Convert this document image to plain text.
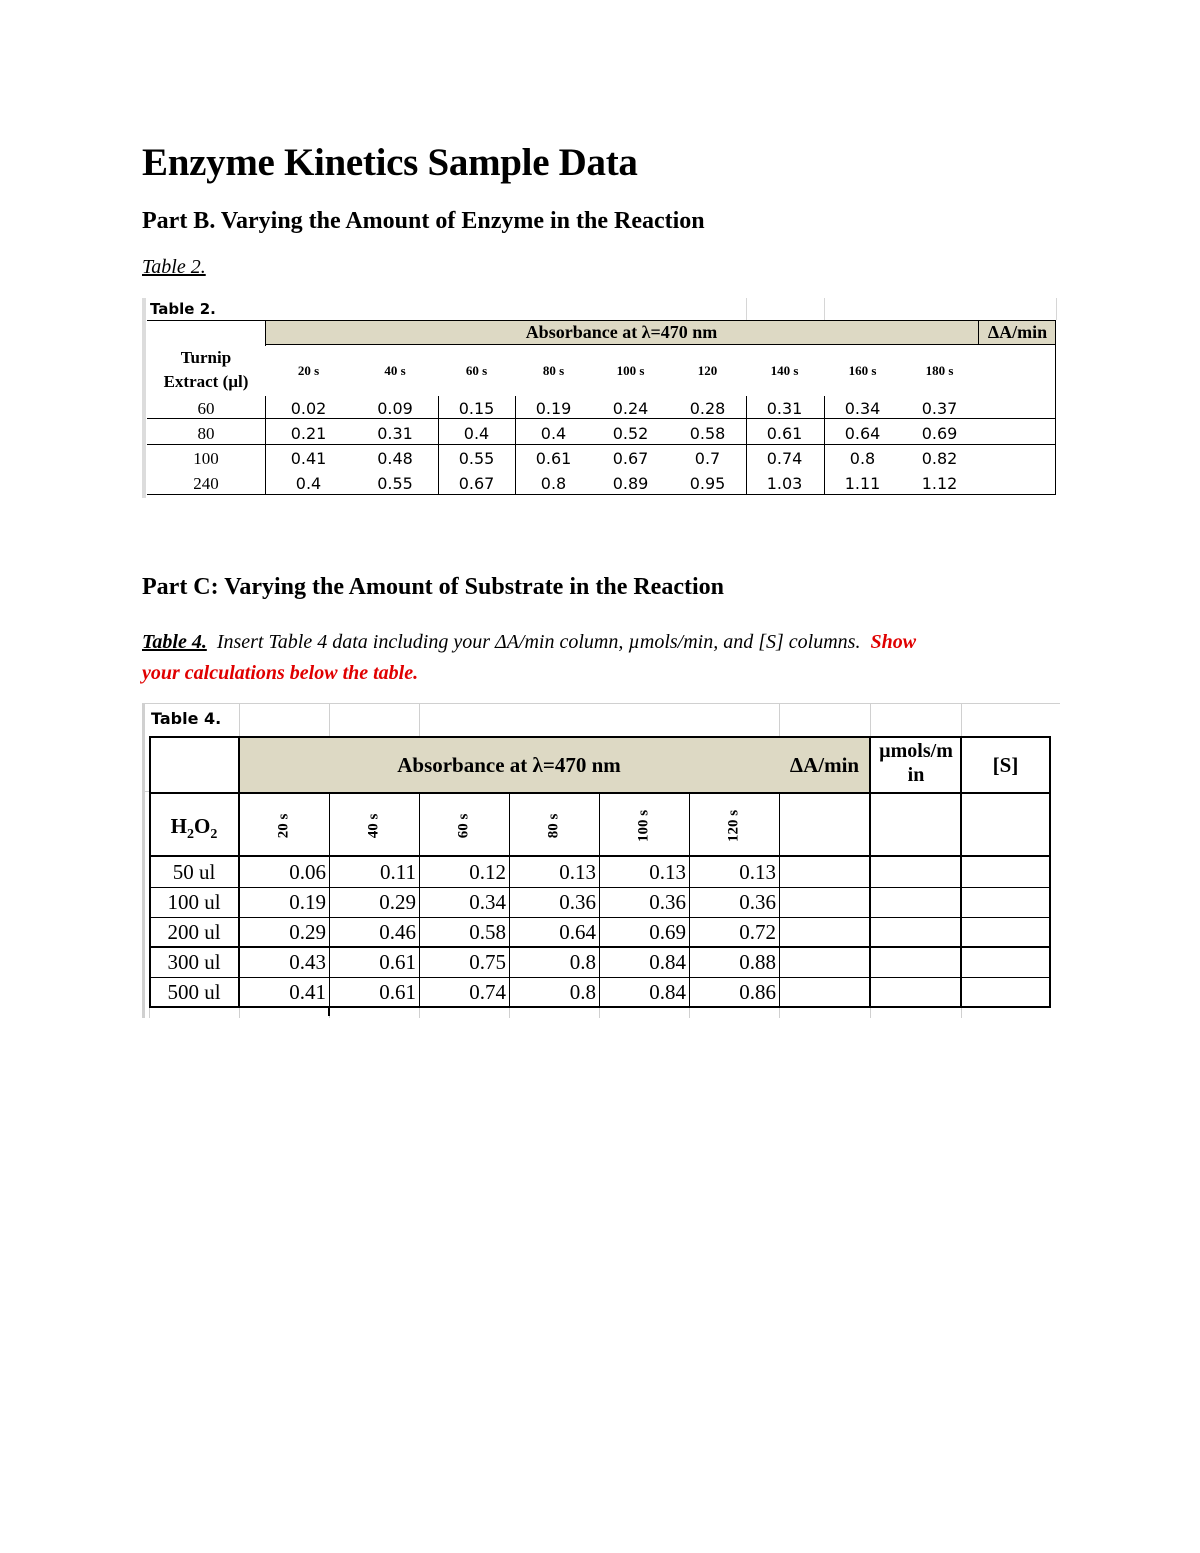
Enzyme Kinetics Sample Data
Part B. Varying the Amount of Enzyme in the Reaction
Table 2.
Table 2.
Absorbance at λ=470 nm	ΔA/min
Turnip
Extract (µl)
20 s	40 s	60 s	80 s	100 s	120	140 s	160 s	180 s
60	0.02	0.09	0.15	0.19	0.24	0.28	0.31	0.34	0.37
80	0.21	0.31	0.4	0.4	0.52	0.58	0.61	0.64	0.69
100	0.41	0.48	0.55	0.61	0.67	0.7	0.74	0.8	0.82
240	0.4	0.55	0.67	0.8	0.89	0.95	1.03	1.11	1.12
Part C: Varying the Amount of Substrate in the Reaction
Table 4.  Insert Table 4 data including your ΔA/min column, µmols/min, and [S] columns.  Show
your calculations below the table.
Table 4.
Absorbance at λ=470 nm	ΔA/min
µmols/m
in	[S]
$H_2O_2$	20 s	40 s	60 s	80 s	100 s	120 s
50 ul	0.06	0.11	0.12	0.13	0.13	0.13
100 ul	0.19	0.29	0.34	0.36	0.36	0.36
200 ul	0.29	0.46	0.58	0.64	0.69	0.72
300 ul	0.43	0.61	0.75	0.8	0.84	0.88
500 ul	0.41	0.61	0.74	0.8	0.84	0.86
